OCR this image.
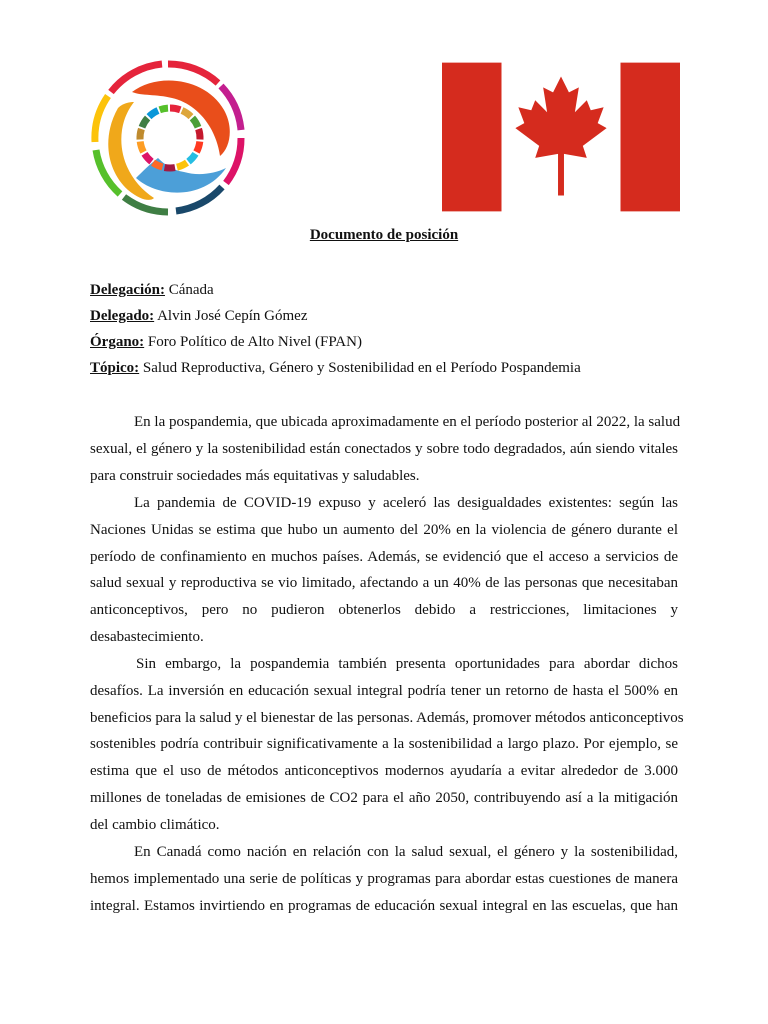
Documento de posición
Delegación: Cánada
Delegado: Alvin José Cepín Gómez
Órgano: Foro Político de Alto Nivel (FPAN)
Tópico: Salud Reproductiva, Género y Sostenibilidad en el Período Pospandemia
En la pospandemia, que ubicada aproximadamente en el período posterior al 2022, la salud
sexual, el género y la sostenibilidad están conectados y sobre todo degradados, aún siendo vitales
para construir sociedades más equitativas y saludables.
La pandemia de COVID-19 expuso y aceleró las desigualdades existentes: según las
Naciones Unidas se estima que hubo un aumento del 20% en la violencia de género durante el
período de confinamiento en muchos países. Además, se evidenció que el acceso a servicios de
salud sexual y reproductiva se vio limitado, afectando a un 40% de las personas que necesitaban
anticonceptivos, pero no pudieron obtenerlos debido a restricciones, limitaciones y
desabastecimiento.
Sin embargo, la pospandemia también presenta oportunidades para abordar dichos
desafíos. La inversión en educación sexual integral podría tener un retorno de hasta el 500% en
beneficios para la salud y el bienestar de las personas. Además, promover métodos anticonceptivos
sostenibles podría contribuir significativamente a la sostenibilidad a largo plazo. Por ejemplo, se
estima que el uso de métodos anticonceptivos modernos ayudaría a evitar alrededor de 3.000
millones de toneladas de emisiones de CO2 para el año 2050, contribuyendo así a la mitigación
del cambio climático.
En Canadá como nación en relación con la salud sexual, el género y la sostenibilidad,
hemos implementado una serie de políticas y programas para abordar estas cuestiones de manera
integral. Estamos invirtiendo en programas de educación sexual integral en las escuelas, que han
